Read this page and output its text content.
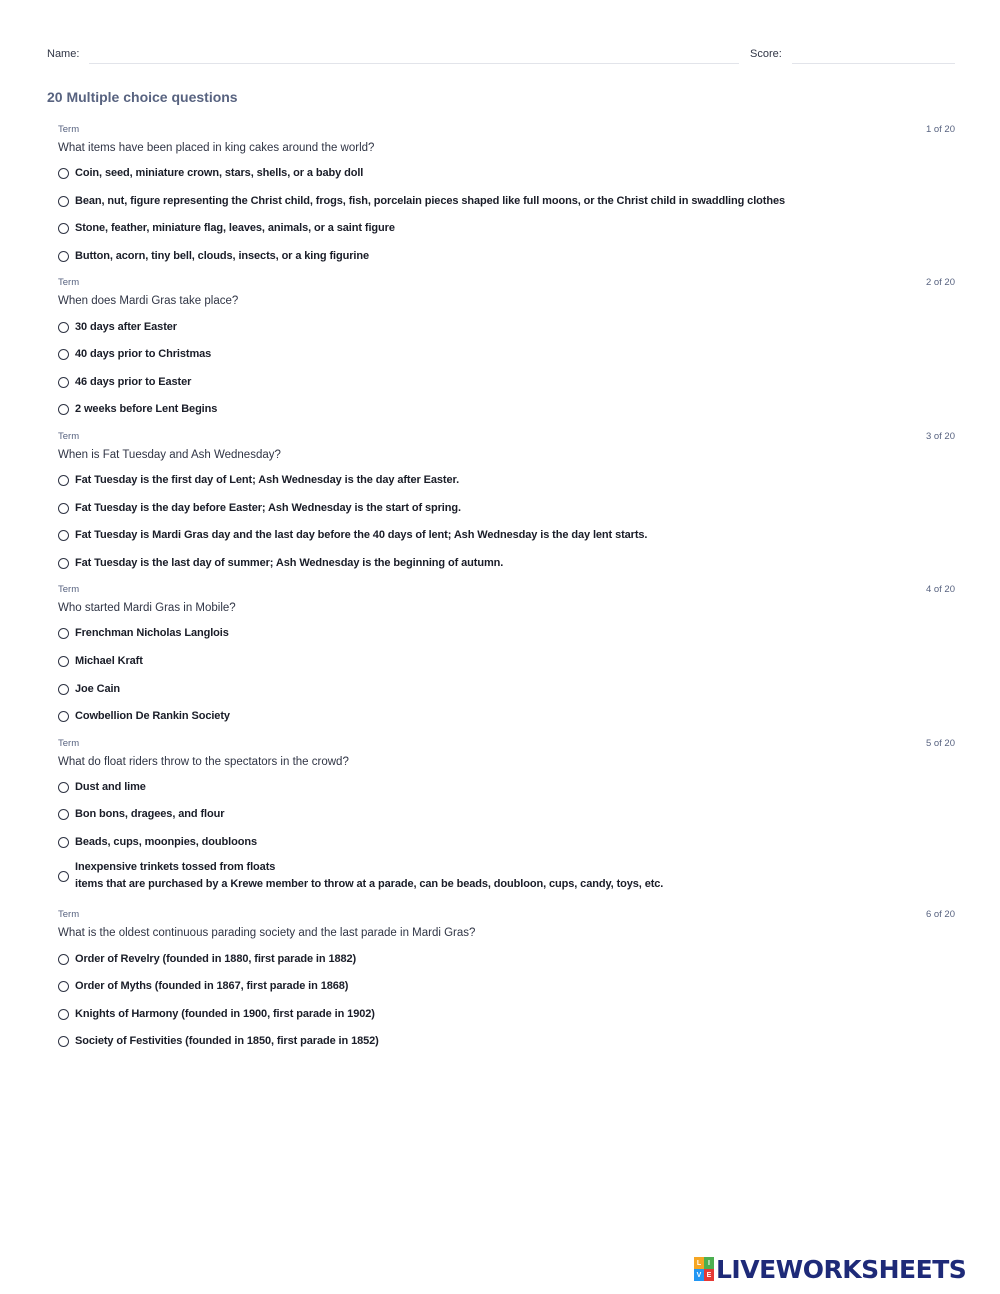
Name:	Score:
20 Multiple choice questions
Term	1 of 20
What items have been placed in king cakes around the world?
Coin, seed, miniature crown, stars, shells, or a baby doll
Bean, nut, figure representing the Christ child, frogs, fish, porcelain pieces shaped like full moons, or the Christ child in swaddling clothes
Stone, feather, miniature flag, leaves, animals, or a saint figure
Button, acorn, tiny bell, clouds, insects, or a king figurine
Term	2 of 20
When does Mardi Gras take place?
30 days after Easter
40 days prior to Christmas
46 days prior to Easter
2 weeks before Lent Begins
Term	3 of 20
When is Fat Tuesday and Ash Wednesday?
Fat Tuesday is the first day of Lent; Ash Wednesday is the day after Easter.
Fat Tuesday is the day before Easter; Ash Wednesday is the start of spring.
Fat Tuesday is Mardi Gras day and the last day before the 40 days of lent; Ash Wednesday is the day lent starts.
Fat Tuesday is the last day of summer; Ash Wednesday is the beginning of autumn.
Term	4 of 20
Who started Mardi Gras in Mobile?
Frenchman Nicholas Langlois
Michael Kraft
Joe Cain
Cowbellion De Rankin Society
Term	5 of 20
What do float riders throw to the spectators in the crowd?
Dust and lime
Bon bons, dragees, and flour
Beads, cups, moonpies, doubloons
Inexpensive trinkets tossed from floats
items that are purchased by a Krewe member to throw at a parade, can be beads, doubloon, cups, candy, toys, etc.
Term	6 of 20
What is the oldest continuous parading society and the last parade in Mardi Gras?
Order of Revelry (founded in 1880, first parade in 1882)
Order of Myths (founded in 1867, first parade in 1868)
Knights of Harmony (founded in 1900, first parade in 1902)
Society of Festivities (founded in 1850, first parade in 1852)
L I
V E LIVEWORKSHEETS
